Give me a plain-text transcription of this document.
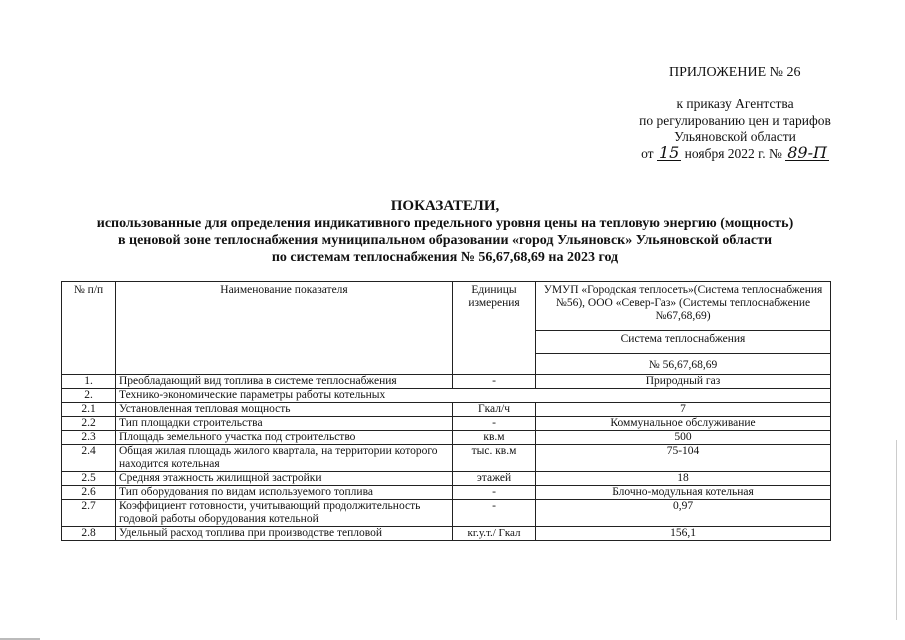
ПРИЛОЖЕНИЕ № 26
к приказу Агентства
по регулированию цен и тарифов
Ульяновской области
от 15 ноября 2022 г. № 89-П
ПОКАЗАТЕЛИ,
использованные для определения индикативного предельного уровня цены на тепловую энергию (мощность)
в ценовой зоне теплоснабжения муниципальном образовании «город Ульяновск» Ульяновской области
по системам теплоснабжения № 56,67,68,69 на 2023 год
№ п/п	Наименование показателя	Единицы измерения	УМУП «Городская теплосеть»(Система теплоснабжения №56), ООО «Север-Газ» (Системы теплоснабжение №67,68,69)
			Система теплоснабжения
			№ 56,67,68,69
1.	Преобладающий вид топлива в системе теплоснабжения	-	Природный газ
2.	Технико-экономические параметры работы котельных		
2.1	Установленная тепловая мощность	Гкал/ч	7
2.2	Тип площадки строительства	-	Коммунальное обслуживание
2.3	Площадь земельного участка под строительство	кв.м	500
2.4	Общая жилая площадь жилого квартала, на территории которого находится котельная	тыс. кв.м	75-104
2.5	Средняя этажность жилищной застройки	этажей	18
2.6	Тип оборудования по видам используемого топлива	-	Блочно-модульная котельная
2.7	Коэффициент готовности, учитывающий продолжительность годовой работы оборудования котельной	-	0,97
2.8	Удельный расход топлива при производстве тепловой	кг.у.т./ Гкал	156,1
